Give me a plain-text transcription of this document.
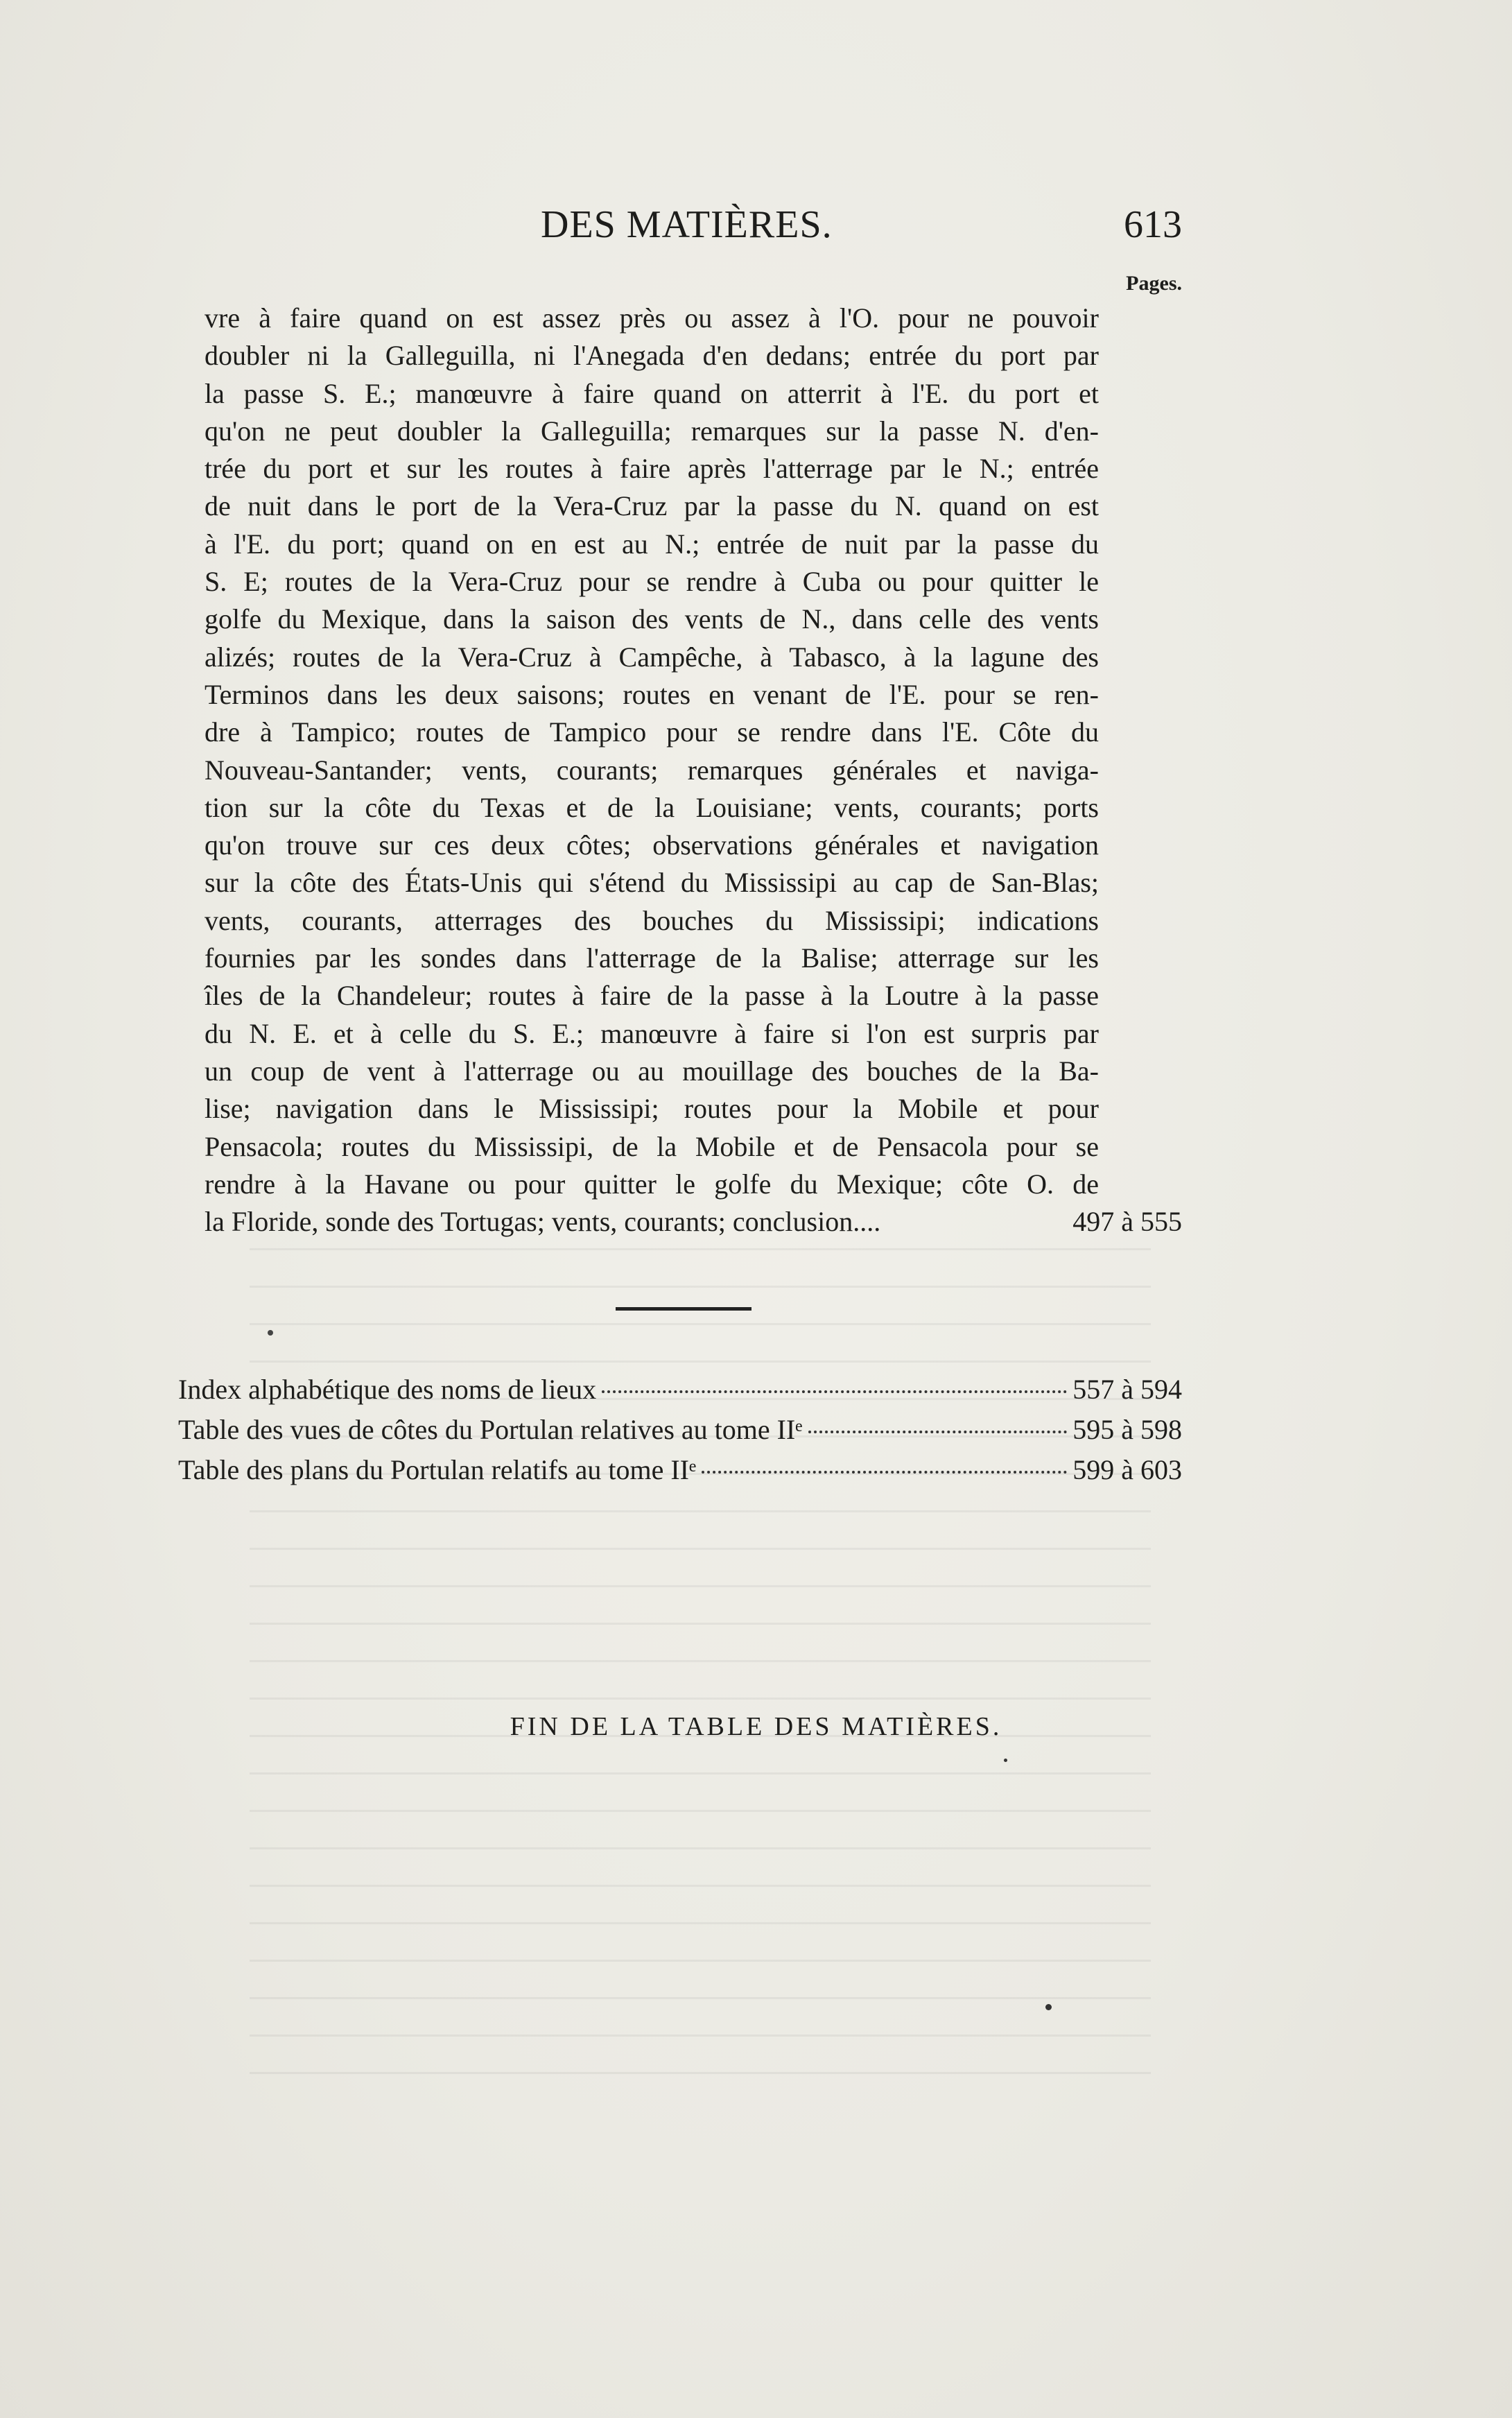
DES MATIÈRES.	613
Pages.
vre à faire quand on est assez près ou assez à l'O. pour ne pouvoir
doubler ni la Galleguilla, ni l'Anegada d'en dedans; entrée du port par
la passe S. E.; manœuvre à faire quand on atterrit à l'E. du port et
qu'on ne peut doubler la Galleguilla; remarques sur la passe N. d'en-
trée du port et sur les routes à faire après l'atterrage par le N.; entrée
de nuit dans le port de la Vera-Cruz par la passe du N. quand on est
à l'E. du port; quand on en est au N.; entrée de nuit par la passe du
S. E; routes de la Vera-Cruz pour se rendre à Cuba ou pour quitter le
golfe du Mexique, dans la saison des vents de N., dans celle des vents
alizés; routes de la Vera-Cruz à Campêche, à Tabasco, à la lagune des
Terminos dans les deux saisons; routes en venant de l'E. pour se ren-
dre à Tampico; routes de Tampico pour se rendre dans l'E. Côte du
Nouveau-Santander; vents, courants; remarques générales et naviga-
tion sur la côte du Texas et de la Louisiane; vents, courants; ports
qu'on trouve sur ces deux côtes; observations générales et navigation
sur la côte des États-Unis qui s'étend du Mississipi au cap de San-Blas;
vents, courants, atterrages des bouches du Mississipi; indications
fournies par les sondes dans l'atterrage de la Balise; atterrage sur les
îles de la Chandeleur; routes à faire de la passe à la Loutre à la passe
du N. E. et à celle du S. E.; manœuvre à faire si l'on est surpris par
un coup de vent à l'atterrage ou au mouillage des bouches de la Ba-
lise; navigation dans le Mississipi; routes pour la Mobile et pour
Pensacola; routes du Mississipi, de la Mobile et de Pensacola pour se
rendre à la Havane ou pour quitter le golfe du Mexique; côte O. de
la Floride, sonde des Tortugas; vents, courants; conclusion....	497 à 555
Index alphabétique des noms de lieux	557 à 594
Table des vues de côtes du Portulan relatives au tome IIᵉ	595 à 598
Table des plans du Portulan relatifs au tome IIᵉ	599 à 603
FIN DE LA TABLE DES MATIÈRES.
